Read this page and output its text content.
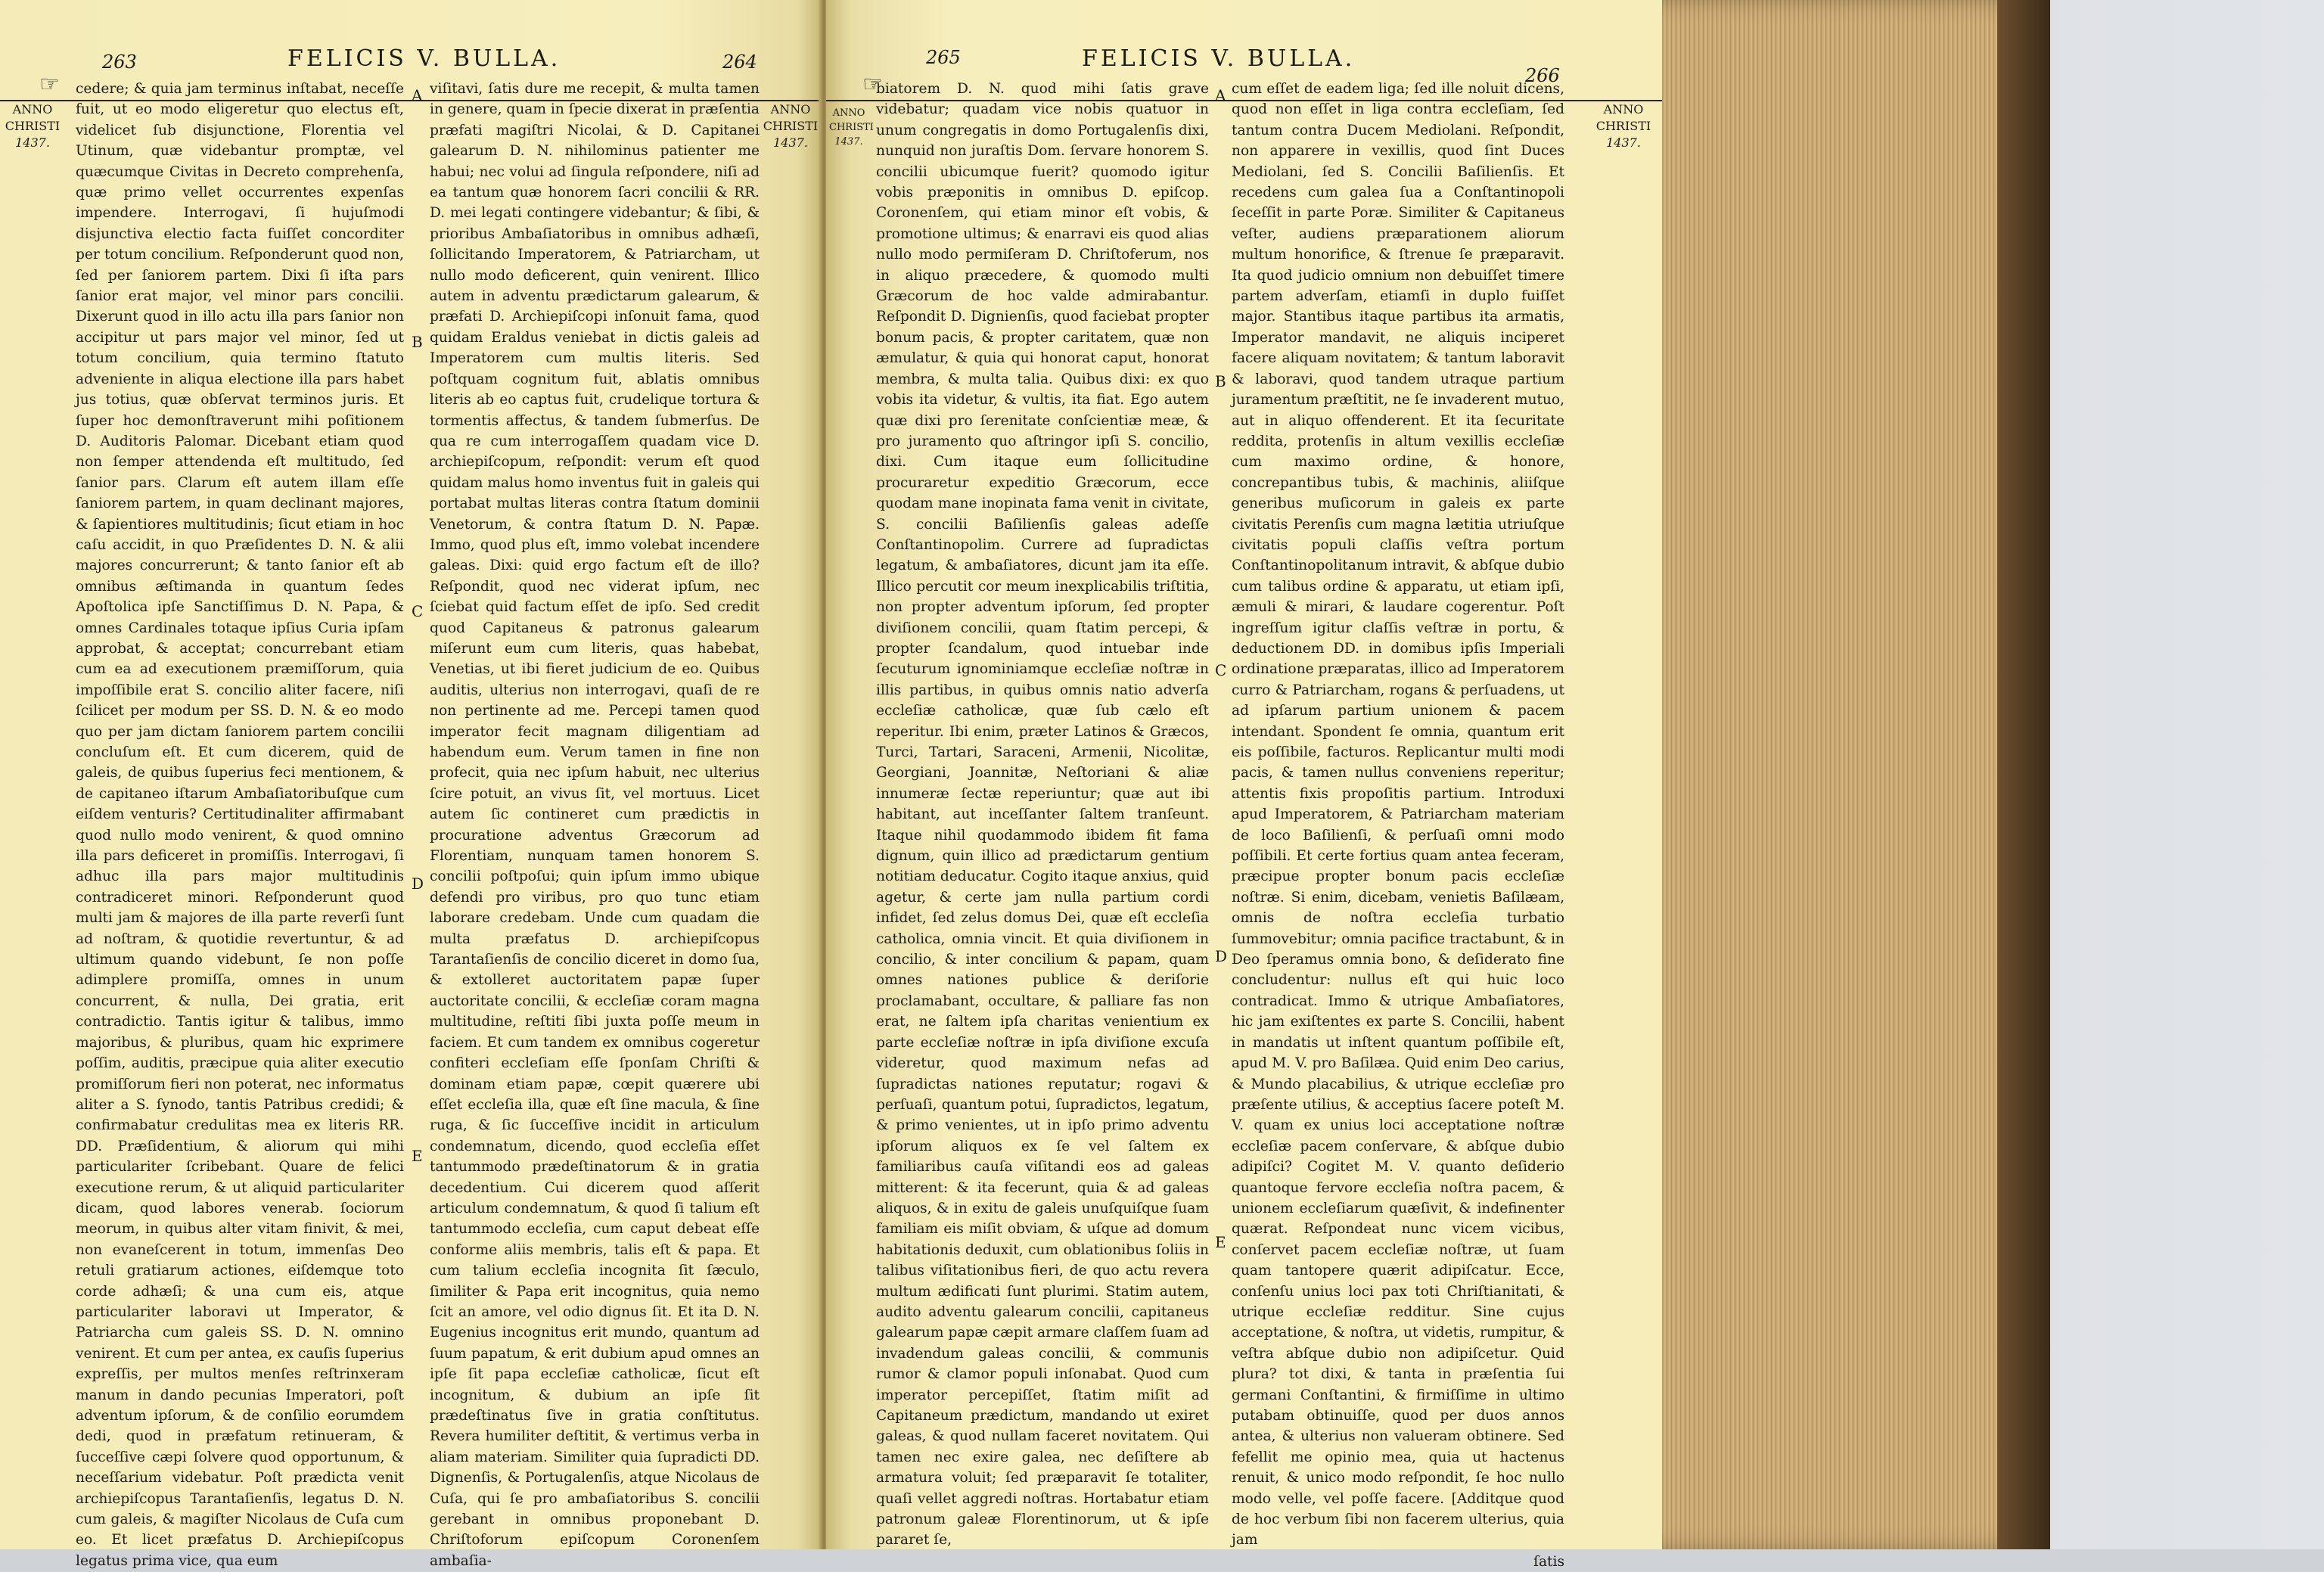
263	FELICIS V. BULLA.	264
☞
ANNO
CHRISTI
1437.

cedere; & quia jam terminus inſtabat, neceſſe fuit, ut eo modo eligeretur quo electus eſt, videlicet ſub disjunctione, Florentia vel Utinum, quæ videbantur promptæ, vel quæcumque Civitas in Decreto comprehenſa, quæ primo vellet occurrentes expenſas impendere. Interrogavi, ſi hujuſmodi disjunctiva electio facta fuiſſet concorditer per totum concilium. Reſponderunt quod non, ſed per ſaniorem partem. Dixi ſi iſta pars ſanior erat major, vel minor pars concilii. Dixerunt quod in illo actu illa pars ſanior non accipitur ut pars major vel minor, ſed ut totum concilium, quia termino ſtatuto adveniente in aliqua electione illa pars habet jus totius, quæ obſervat terminos juris. Et ſuper hoc demonſtraverunt mihi poſitionem D. Auditoris Palomar. Dicebant etiam quod non ſemper attendenda eſt multitudo, ſed ſanior pars. Clarum eſt autem illam eſſe ſaniorem partem, in quam declinant majores, & ſapientiores multitudinis; ſicut etiam in hoc caſu accidit, in quo Præſidentes D. N. & alii majores concurrerunt; & tanto ſanior eſt ab omnibus æſtimanda in quantum ſedes Apoſtolica ipſe Sanctiſſimus D. N. Papa, & omnes Cardinales totaque ipſius Curia ipſam approbat, & acceptat; concurrebant etiam cum ea ad executionem præmiſſorum, quia impoſſibile erat S. concilio aliter facere, niſi ſcilicet per modum per SS. D. N. & eo modo quo per jam dictam ſaniorem partem concilii concluſum eſt. Et cum dicerem, quid de galeis, de quibus ſuperius feci mentionem, & de capitaneo iſtarum Ambaſiatoribuſque cum eiſdem venturis? Certitudinaliter affirmabant quod nullo modo venirent, & quod omnino illa pars deficeret in promiſſis. Interrogavi, ſi adhuc illa pars major multitudinis contradiceret minori. Reſponderunt quod multi jam & majores de illa parte reverſi ſunt ad noſtram, & quotidie revertuntur, & ad ultimum quando videbunt, ſe non poſſe adimplere promiſſa, omnes in unum concurrent, & nulla, Dei gratia, erit contradictio. Tantis igitur & talibus, immo majoribus, & pluribus, quam hic exprimere poſſim, auditis, præcipue quia aliter executio promiſſorum fieri non poterat, nec informatus aliter a S. ſynodo, tantis Patribus credidi; & confirmabatur credulitas mea ex literis RR. DD. Præſidentium, & aliorum qui mihi particulariter ſcribebant. Quare de felici executione rerum, & ut aliquid particulariter dicam, quod labores venerab. ſociorum meorum, in quibus alter vitam finivit, & mei, non evaneſcerent in totum, immenſas Deo retuli gratiarum actiones, eiſdemque toto corde adhæſi; & una cum eis, atque particulariter laboravi ut Imperator, & Patriarcha cum galeis SS. D. N. omnino venirent. Et cum per antea, ex cauſis ſuperius expreſſis, per multos menſes reſtrinxeram manum in dando pecunias Imperatori, poſt adventum ipſorum, & de conſilio eorumdem dedi, quod in præfatum retinueram, & ſucceſſive cæpi ſolvere quod opportunum, & neceſſarium videbatur. Poſt prædicta venit archiepiſcopus Tarantaſienſis, legatus D. N. cum galeis, & magiſter Nicolaus de Cuſa cum eo. Et licet præfatus D. Archiepiſcopus legatus prima vice, qua eum

A
B
C
D
E

viſitavi, ſatis dure me recepit, & multa tamen in genere, quam in ſpecie dixerat in præſentia præfati magiſtri Nicolai, & D. Capitanei galearum D. N. nihilominus patienter me habui; nec volui ad ſingula reſpondere, niſi ad ea tantum quæ honorem ſacri concilii & RR. D. mei legati contingere videbantur; & ſibi, & prioribus Ambaſiatoribus in omnibus adhæſi, ſollicitando Imperatorem, & Patriarcham, ut nullo modo deficerent, quin venirent. Illico autem in adventu prædictarum galearum, & præfati D. Archiepiſcopi inſonuit fama, quod quidam Eraldus veniebat in dictis galeis ad Imperatorem cum multis literis. Sed poſtquam cognitum fuit, ablatis omnibus literis ab eo captus fuit, crudelique tortura & tormentis affectus, & tandem ſubmerſus. De qua re cum interrogaſſem quadam vice D. archiepiſcopum, reſpondit: verum eſt quod quidam malus homo inventus fuit in galeis qui portabat multas literas contra ſtatum dominii Venetorum, & contra ſtatum D. N. Papæ. Immo, quod plus eſt, immo volebat incendere galeas. Dixi: quid ergo factum eſt de illo? Reſpondit, quod nec viderat ipſum, nec ſciebat quid factum eſſet de ipſo. Sed credit quod Capitaneus & patronus galearum miſerunt eum cum literis, quas habebat, Venetias, ut ibi fieret judicium de eo. Quibus auditis, ulterius non interrogavi, quaſi de re non pertinente ad me. Percepi tamen quod imperator fecit magnam diligentiam ad habendum eum. Verum tamen in fine non profecit, quia nec ipſum habuit, nec ulterius ſcire potuit, an vivus ſit, vel mortuus. Licet autem ſic contineret cum prædictis in procuratione adventus Græcorum ad Florentiam, nunquam tamen honorem S. concilii poſtpoſui; quin ipſum immo ubique defendi pro viribus, pro quo tunc etiam laborare credebam. Unde cum quadam die multa præfatus D. archiepiſcopus Tarantaſienſis de concilio diceret in domo ſua, & extolleret auctoritatem papæ ſuper auctoritate concilii, & eccleſiæ coram magna multitudine, reſtiti ſibi juxta poſſe meum in faciem. Et cum tandem ex omnibus cogeretur confiteri eccleſiam eſſe ſponſam Chriſti & dominam etiam papæ, cœpit quærere ubi eſſet eccleſia illa, quæ eſt ſine macula, & ſine ruga, & ſic ſucceſſive incidit in articulum condemnatum, dicendo, quod eccleſia eſſet tantummodo prædeſtinatorum & in gratia decedentium. Cui dicerem quod aſſerit articulum condemnatum, & quod ſi talium eſt tantummodo eccleſia, cum caput debeat eſſe conforme aliis membris, talis eſt & papa. Et cum talium eccleſia incognita ſit ſæculo, ſimiliter & Papa erit incognitus, quia nemo ſcit an amore, vel odio dignus ſit. Et ita D. N. Eugenius incognitus erit mundo, quantum ad ſuum papatum, & erit dubium apud omnes an ipſe ſit papa eccleſiæ catholicæ, ſicut eſt incognitum, & dubium an ipſe ſit prædeſtinatus ſive in gratia conſtitutus. Revera humiliter deſtitit, & vertimus verba in aliam materiam. Similiter quia ſupradicti DD. Dignenſis, & Portugalenſis, atque Nicolaus de Cuſa, qui ſe pro ambaſiatoribus S. concilii gerebant in omnibus proponebant D. Chriſtoforum epiſcopum Coronenſem ambaſia-

ANNO
CHRISTI
1437.
☞
265	FELICIS V. BULLA.
266
ANNO
CHRISTI
1437.

biatorem D. N. quod mihi ſatis grave videbatur; quadam vice nobis quatuor in unum congregatis in domo Portugalenſis dixi, nunquid non juraſtis Dom. ſervare honorem S. concilii ubicumque fuerit? quomodo igitur vobis præponitis in omnibus D. epiſcop. Coronenſem, qui etiam minor eſt vobis, & promotione ultimus; & enarravi eis quod alias nullo modo permiſeram D. Chriſtoferum, nos in aliquo præcedere, & quomodo multi Græcorum de hoc valde admirabantur. Reſpondit D. Dignienſis, quod faciebat propter bonum pacis, & propter caritatem, quæ non æmulatur, & quia qui honorat caput, honorat membra, & multa talia. Quibus dixi: ex quo vobis ita videtur, & vultis, ita fiat. Ego autem quæ dixi pro ſerenitate conſcientiæ meæ, & pro juramento quo aſtringor ipſi S. concilio, dixi. Cum itaque eum ſollicitudine procuraretur expeditio Græcorum, ecce quodam mane inopinata fama venit in civitate, S. concilii Baſilienſis galeas adeſſe Conſtantinopolim. Currere ad ſupradictas legatum, & ambaſiatores, dicunt jam ita eſſe. Illico percutit cor meum inexplicabilis triſtitia, non propter adventum ipſorum, ſed propter diviſionem concilii, quam ſtatim percepi, & propter ſcandalum, quod intuebar inde ſecuturum ignominiamque eccleſiæ noſtræ in illis partibus, in quibus omnis natio adverſa eccleſiæ catholicæ, quæ ſub cælo eſt reperitur. Ibi enim, præter Latinos & Græcos, Turci, Tartari, Saraceni, Armenii, Nicolitæ, Georgiani, Joannitæ, Neſtoriani & aliæ innumeræ ſectæ reperiuntur; quæ aut ibi habitant, aut inceſſanter ſaltem tranſeunt. Itaque nihil quodammodo ibidem fit fama dignum, quin illico ad prædictarum gentium notitiam deducatur. Cogito itaque anxius, quid agetur, & certe jam nulla partium cordi infidet, ſed zelus domus Dei, quæ eſt eccleſia catholica, omnia vincit. Et quia diviſionem in concilio, & inter concilium & papam, quam omnes nationes publice & deriſorie proclamabant, occultare, & palliare fas non erat, ne ſaltem ipſa charitas venientium ex parte eccleſiæ noſtræ in ipſa diviſione excuſa videretur, quod maximum nefas ad ſupradictas nationes reputatur; rogavi & perſuaſi, quantum potui, ſupradictos, legatum, & primo venientes, ut in ipſo primo adventu ipſorum aliquos ex ſe vel ſaltem ex familiaribus cauſa viſitandi eos ad galeas mitterent: & ita fecerunt, quia & ad galeas aliquos, & in exitu de galeis unuſquiſque ſuam familiam eis miſit obviam, & uſque ad domum habitationis deduxit, cum oblationibus ſoliis in talibus viſitationibus fieri, de quo actu revera multum ædificati ſunt plurimi. Statim autem, audito adventu galearum concilii, capitaneus galearum papæ cæpit armare claſſem ſuam ad invadendum galeas concilii, & communis rumor & clamor populi inſonabat. Quod cum imperator percepiſſet, ſtatim miſit ad Capitaneum prædictum, mandando ut exiret galeas, & quod nullam faceret novitatem. Qui tamen nec exire galea, nec deſiſtere ab armatura voluit; ſed præparavit ſe totaliter, quaſi vellet aggredi noſtras. Hortabatur etiam patronum galeæ Florentinorum, ut & ipſe pararet ſe,

A
B
C
D
E

cum eſſet de eadem liga; ſed ille noluit dicens, quod non eſſet in liga contra eccleſiam, ſed tantum contra Ducem Mediolani. Reſpondit, non apparere in vexillis, quod ſint Duces Mediolani, ſed S. Concilii Baſilienſis. Et recedens cum galea ſua a Conſtantinopoli ſeceſſit in parte Poræ. Similiter & Capitaneus veſter, audiens præparationem aliorum multum honorifice, & ſtrenue ſe præparavit. Ita quod judicio omnium non debuiſſet timere partem adverſam, etiamſi in duplo fuiſſet major. Stantibus itaque partibus ita armatis, Imperator mandavit, ne aliquis inciperet facere aliquam novitatem; & tantum laboravit & laboravi, quod tandem utraque partium juramentum præſtitit, ne ſe invaderent mutuo, aut in aliquo offenderent. Et ita ſecuritate reddita, protenſis in altum vexillis eccleſiæ cum maximo ordine, & honore, concrepantibus tubis, & machinis, aliiſque generibus muſicorum in galeis ex parte civitatis Perenſis cum magna lætitia utriuſque civitatis populi claſſis veſtra portum Conſtantinopolitanum intravit, & abſque dubio cum talibus ordine & apparatu, ut etiam ipſi, æmuli & mirari, & laudare cogerentur. Poſt ingreſſum igitur claſſis veſtræ in portu, & deductionem DD. in domibus ipſis Imperiali ordinatione præparatas, illico ad Imperatorem curro & Patriarcham, rogans & perſuadens, ut ad ipſarum partium unionem & pacem intendant. Spondent ſe omnia, quantum erit eis poſſibile, facturos. Replicantur multi modi pacis, & tamen nullus conveniens reperitur; attentis fixis propoſitis partium. Introduxi apud Imperatorem, & Patriarcham materiam de loco Baſilienſi, & perſuaſi omni modo poſſibili. Et certe fortius quam antea feceram, præcipue propter bonum pacis eccleſiæ noſtræ. Si enim, dicebam, venietis Baſilæam, omnis de noſtra eccleſia turbatio ſummovebitur; omnia pacifice tractabunt, & in Deo ſperamus omnia bono, & deſiderato fine concludentur: nullus eſt qui huic loco contradicat. Immo & utrique Ambaſiatores, hic jam exiſtentes ex parte S. Concilii, habent in mandatis ut inſtent quantum poſſibile eſt, apud M. V. pro Baſilæa. Quid enim Deo carius, & Mundo placabilius, & utrique eccleſiæ pro præſente utilius, & acceptius ſacere poteſt M. V. quam ex unius loci acceptatione noſtræ eccleſiæ pacem conſervare, & abſque dubio adipiſci? Cogitet M. V. quanto deſiderio quantoque fervore eccleſia noſtra pacem, & unionem eccleſiarum quæſivit, & indefinenter quærat. Reſpondeat nunc vicem vicibus, conſervet pacem eccleſiæ noſtræ, ut ſuam quam tantopere quærit adipiſcatur. Ecce, conſenſu unius loci pax toti Chriſtianitati, & utrique eccleſiæ redditur. Sine cujus acceptatione, & noſtra, ut videtis, rumpitur, & veſtra abſque dubio non adipiſcetur. Quid plura? tot dixi, & tanta in præſentia ſui germani Conſtantini, & firmiſſime in ultimo putabam obtinuiſſe, quod per duos annos antea, & ulterius non valueram obtinere. Sed fefellit me opinio mea, quia ut hactenus renuit, & unico modo reſpondit, ſe hoc nullo modo velle, vel poſſe facere. [Additque quod de hoc verbum ſibi non facerem ulterius, quia jam

ſatis
ANNO
CHRISTI
1437.
